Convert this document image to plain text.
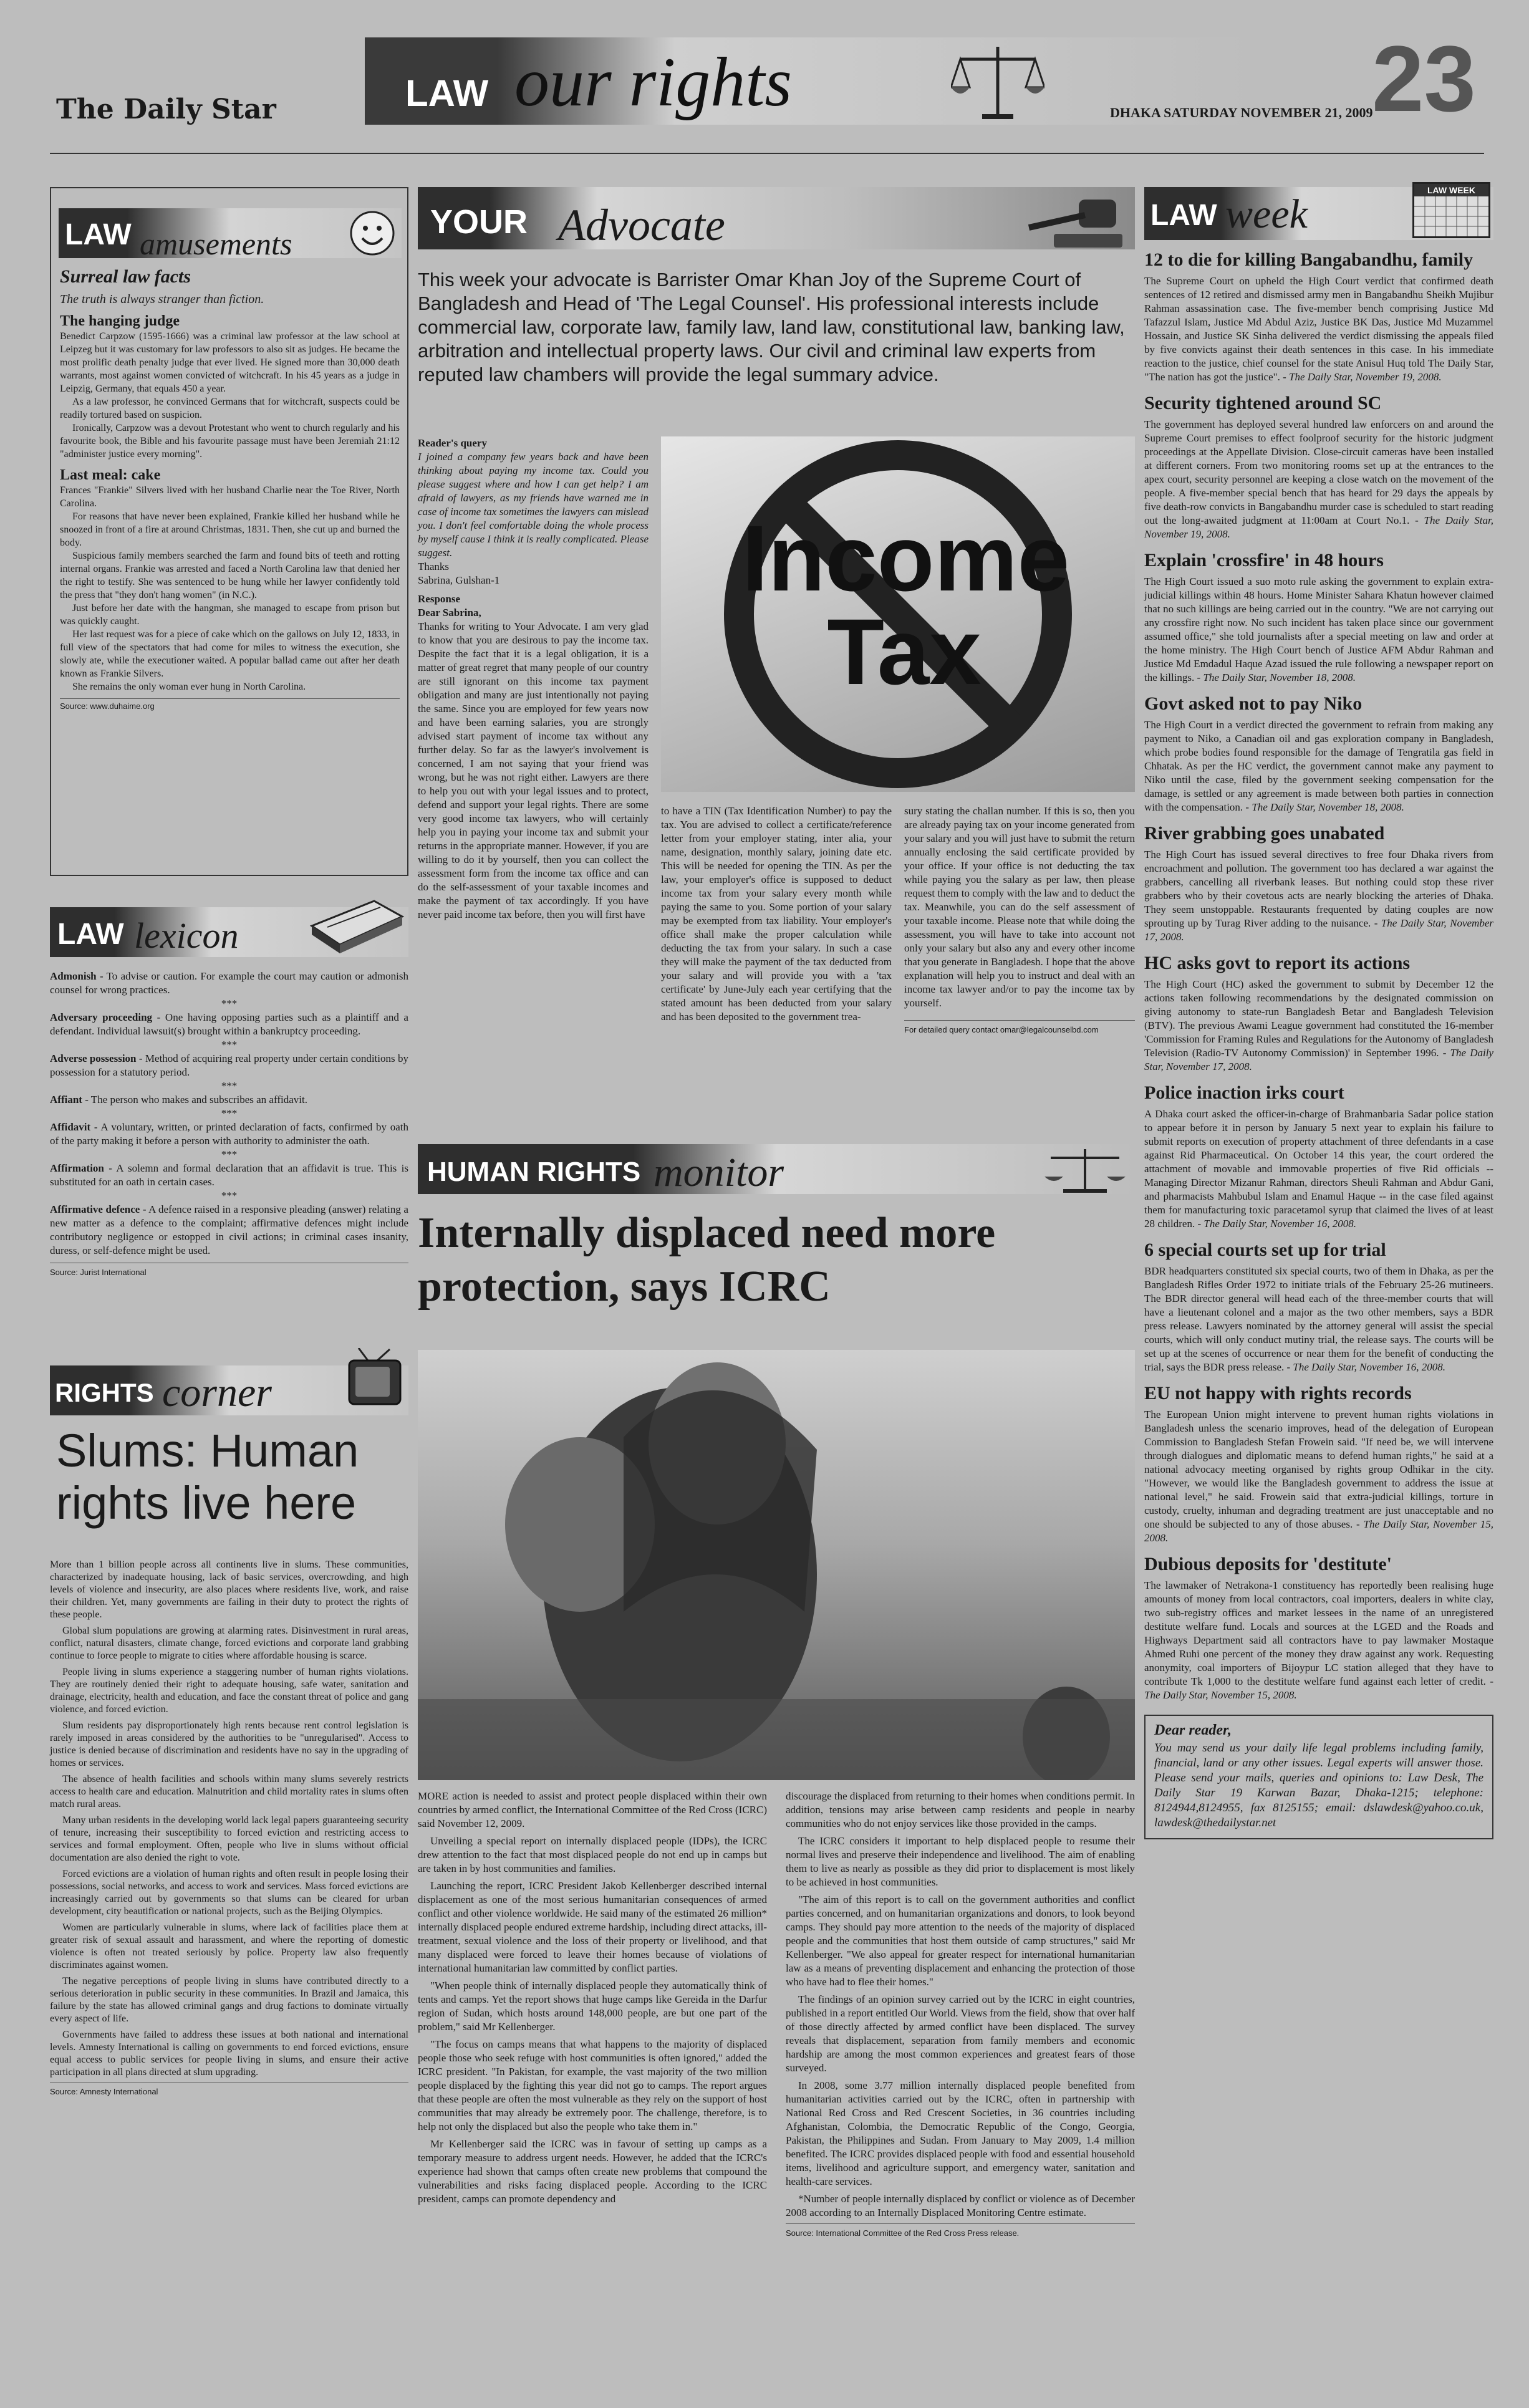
The Daily Star	LAW our rights	DHAKA SATURDAY NOVEMBER 21, 2009
23
LAW amusements
Surreal law facts
The truth is always stranger than fiction.
The hanging judge
Benedict Carpzow (1595-1666) was a criminal law professor at the law school at Leipzeg but it was customary for law professors to also sit as judges. He became the most prolific death penalty judge that ever lived. He signed more than 30,000 death warrants, most against women convicted of witchcraft. In his 45 years as a judge in Leipzig, Germany, that equals 450 a year.
As a law professor, he convinced Germans that for witchcraft, suspects could be readily tortured based on suspicion.
Ironically, Carpzow was a devout Protestant who went to church regularly and his favourite book, the Bible and his favourite passage must have been Jeremiah 21:12 "administer justice every morning".
Last meal: cake
Frances "Frankie" Silvers lived with her husband Charlie near the Toe River, North Carolina.
For reasons that have never been explained, Frankie killed her husband while he snoozed in front of a fire at around Christmas, 1831. Then, she cut up and burned the body.
Suspicious family members searched the farm and found bits of teeth and rotting internal organs. Frankie was arrested and faced a North Carolina law that denied her the right to testify. She was sentenced to be hung while her lawyer confidently told the press that "they don't hang women" (in N.C.).
Just before her date with the hangman, she managed to escape from prison but was quickly caught.
Her last request was for a piece of cake which on the gallows on July 12, 1833, in full view of the spectators that had come for miles to witness the execution, she slowly ate, while the executioner waited. A popular ballad came out after her death known as Frankie Silvers.
She remains the only woman ever hung in North Carolina.
Source: www.duhaime.org
LAW lexicon
Admonish - To advise or caution. For example the court may caution or admonish counsel for wrong practices.
***
Adversary proceeding - One having opposing parties such as a plaintiff and a defendant. Individual lawsuit(s) brought within a bankruptcy proceeding.
***
Adverse possession - Method of acquiring real property under certain conditions by possession for a statutory period.
***
Affiant - The person who makes and subscribes an affidavit.
***
Affidavit - A voluntary, written, or printed declaration of facts, confirmed by oath of the party making it before a person with authority to administer the oath.
***
Affirmation - A solemn and formal declaration that an affidavit is true. This is substituted for an oath in certain cases.
***
Affirmative defence - A defence raised in a responsive pleading (answer) relating a new matter as a defence to the complaint; affirmative defences might include contributory negligence or estopped in civil actions; in criminal cases insanity, duress, or self-defence might be used.
Source: Jurist International
RIGHTS corner
Slums: Human rights live here

More than 1 billion people across all continents live in slums. These communities, characterized by inadequate housing, lack of basic services, overcrowding, and high levels of violence and insecurity, are also places where residents live, work, and raise their children. Yet, many governments are failing in their duty to protect the rights of these people.

Global slum populations are growing at alarming rates. Disinvestment in rural areas, conflict, natural disasters, climate change, forced evictions and corporate land grabbing continue to force people to migrate to cities where affordable housing is scarce.

People living in slums experience a staggering number of human rights violations. They are routinely denied their right to adequate housing, safe water, sanitation and drainage, electricity, health and education, and face the constant threat of police and gang violence, and forced eviction.

Slum residents pay disproportionately high rents because rent control legislation is rarely imposed in areas considered by the authorities to be "unregularised". Access to justice is denied because of discrimination and residents have no say in the upgrading of homes or services.

The absence of health facilities and schools within many slums severely restricts access to health care and education. Malnutrition and child mortality rates in slums often match rural areas.

Many urban residents in the developing world lack legal papers guaranteeing security of tenure, increasing their susceptibility to forced eviction and restricting access to services and formal employment. Often, people who live in slums without official documentation are also denied the right to vote.

Forced evictions are a violation of human rights and often result in people losing their possessions, social networks, and access to work and services. Mass forced evictions are increasingly carried out by governments so that slums can be cleared for urban development, city beautification or national projects, such as the Beijing Olympics.

Women are particularly vulnerable in slums, where lack of facilities place them at greater risk of sexual assault and harassment, and where the reporting of domestic violence is often not treated seriously by police. Property law also frequently discriminates against women.

The negative perceptions of people living in slums have contributed directly to a serious deterioration in public security in these communities. In Brazil and Jamaica, this failure by the state has allowed criminal gangs and drug factions to dominate virtually every aspect of life.

Governments have failed to address these issues at both national and international levels. Amnesty International is calling on governments to end forced evictions, ensure equal access to public services for people living in slums, and ensure their active participation in all plans directed at slum upgrading.

Source: Amnesty International
YOUR Advocate
This week your advocate is Barrister Omar Khan Joy of the Supreme Court of Bangladesh and Head of 'The Legal Counsel'. His professional interests include commercial law, corporate law, family law, land law, constitutional law, banking law, arbitration and intellectual property laws. Our civil and criminal law experts from reputed law chambers will provide the legal summary advice.
Reader's query
I joined a company few years back and have been thinking about paying my income tax. Could you please suggest where and how I can get help? I am afraid of lawyers, as my friends have warned me in case of income tax sometimes the lawyers can mislead you. I don't feel comfortable doing the whole process by myself cause I think it is really complicated. Please suggest.
Thanks
Sabrina, Gulshan-1
Response
Dear Sabrina,
Thanks for writing to Your Advocate. I am very glad to know that you are desirous to pay the income tax. Despite the fact that it is a legal obligation, it is a matter of great regret that many people of our country are still ignorant on this income tax payment obligation and many are just intentionally not paying the same. Since you are employed for few years now and have been earning salaries, you are strongly advised start payment of income tax without any further delay. So far as the lawyer's involvement is concerned, I am not saying that your friend was wrong, but he was not right either. Lawyers are there to help you out with your legal issues and to protect, defend and support your legal rights. There are some very good income tax lawyers, who will certainly help you in paying your income tax and submit your returns in the appropriate manner. However, if you are willing to do it by yourself, then you can collect the assessment form from the income tax office and can do the self-assessment of your taxable incomes and make the payment of tax accordingly. If you have never paid income tax before, then you will first have
Income Tax
to have a TIN (Tax Identification Number) to pay the tax. You are advised to collect a certificate/reference letter from your employer stating, inter alia, your name, designation, monthly salary, joining date etc. This will be needed for opening the TIN. As per the law, your employer's office is supposed to deduct income tax from your salary every month while paying the same to you. Some portion of your salary may be exempted from tax liability. Your employer's office shall make the proper calculation while deducting the tax from your salary. In such a case they will make the payment of the tax deducted from your salary and will provide you with a 'tax certificate' by June-July each year certifying that the stated amount has been deducted from your salary and has been deposited to the government trea-
sury stating the challan number. If this is so, then you are already paying tax on your income generated from your salary and you will just have to submit the return annually enclosing the said certificate provided by your office. If your office is not deducting the tax while paying you the salary as per law, then please request them to comply with the law and to deduct the tax. Meanwhile, you can do the self assessment of your taxable income. Please note that while doing the assessment, you will have to take into account not only your salary but also any and every other income that you generate in Bangladesh. I hope that the above explanation will help you to instruct and deal with an income tax lawyer and/or to pay the income tax by yourself.
For detailed query contact omar@legalcounselbd.com
HUMAN RIGHTS monitor
Internally displaced need more protection, says ICRC

MORE action is needed to assist and protect people displaced within their own countries by armed conflict, the International Committee of the Red Cross (ICRC) said November 12, 2009.

Unveiling a special report on internally displaced people (IDPs), the ICRC drew attention to the fact that most displaced people do not end up in camps but are taken in by host communities and families.

Launching the report, ICRC President Jakob Kellenberger described internal displacement as one of the most serious humanitarian consequences of armed conflict and other violence worldwide. He said many of the estimated 26 million* internally displaced people endured extreme hardship, including direct attacks, ill-treatment, sexual violence and the loss of their property or livelihood, and that many displaced were forced to leave their homes because of violations of international humanitarian law committed by conflict parties.

"When people think of internally displaced people they automatically think of tents and camps. Yet the report shows that huge camps like Gereida in the Darfur region of Sudan, which hosts around 148,000 people, are but one part of the problem," said Mr Kellenberger.

"The focus on camps means that what happens to the majority of displaced people those who seek refuge with host communities is often ignored," added the ICRC president. "In Pakistan, for example, the vast majority of the two million people displaced by the fighting this year did not go to camps. The report argues that these people are often the most vulnerable as they rely on the support of host communities that may already be extremely poor. The challenge, therefore, is to help not only the displaced but also the people who take them in."

Mr Kellenberger said the ICRC was in favour of setting up camps as a temporary measure to address urgent needs. However, he added that the ICRC's experience had shown that camps often create new problems that compound the vulnerabilities and risks facing displaced people. According to the ICRC president, camps can promote dependency and

discourage the displaced from returning to their homes when conditions permit. In addition, tensions may arise between camp residents and people in nearby communities who do not enjoy services like those provided in the camps.

The ICRC considers it important to help displaced people to resume their normal lives and preserve their independence and livelihood. The aim of enabling them to live as nearly as possible as they did prior to displacement is most likely to be achieved in host communities.

"The aim of this report is to call on the government authorities and conflict parties concerned, and on humanitarian organizations and donors, to look beyond camps. They should pay more attention to the needs of the majority of displaced people and the communities that host them outside of camp structures," said Mr Kellenberger. "We also appeal for greater respect for international humanitarian law as a means of preventing displacement and enhancing the protection of those who have had to flee their homes."

The findings of an opinion survey carried out by the ICRC in eight countries, published in a report entitled Our World. Views from the field, show that over half of those directly affected by armed conflict have been displaced. The survey reveals that displacement, separation from family members and economic hardship are among the most common experiences and greatest fears of those surveyed.

In 2008, some 3.77 million internally displaced people benefited from humanitarian activities carried out by the ICRC, often in partnership with National Red Cross and Red Crescent Societies, in 36 countries including Afghanistan, Colombia, the Democratic Republic of the Congo, Georgia, Pakistan, the Philippines and Sudan. From January to May 2009, 1.4 million benefited. The ICRC provides displaced people with food and essential household items, livelihood and agriculture support, and emergency water, sanitation and health-care services.

*Number of people internally displaced by conflict or violence as of December 2008 according to an Internally Displaced Monitoring Centre estimate.

Source: International Committee of the Red Cross Press release.
LAW week
LAW WEEK
12 to die for killing Bangabandhu, family
The Supreme Court on upheld the High Court verdict that confirmed death sentences of 12 retired and dismissed army men in Bangabandhu Sheikh Mujibur Rahman assassination case. The five-member bench comprising Justice Md Tafazzul Islam, Justice Md Abdul Aziz, Justice BK Das, Justice Md Muzammel Hossain, and Justice SK Sinha delivered the verdict dismissing the appeals filed by five convicts against their death sentences in this case. In his immediate reaction to the justice, chief counsel for the state Anisul Huq told The Daily Star, "The nation has got the justice". - The Daily Star, November 19, 2008.
Security tightened around SC
The government has deployed several hundred law enforcers on and around the Supreme Court premises to effect foolproof security for the historic judgment proceedings at the Appellate Division. Close-circuit cameras have been installed at different corners. From two monitoring rooms set up at the entrances to the apex court, security personnel are keeping a close watch on the movement of the people. A five-member special bench that has heard for 29 days the appeals by five death-row convicts in Bangabandhu murder case is scheduled to start reading out the long-awaited judgment at 11:00am at Court No.1. - The Daily Star, November 19, 2008.
Explain 'crossfire' in 48 hours
The High Court issued a suo moto rule asking the government to explain extra-judicial killings within 48 hours. Home Minister Sahara Khatun however claimed that no such killings are being carried out in the country. "We are not carrying out any crossfire right now. No such incident has taken place since our government assumed office," she told journalists after a special meeting on law and order at the home ministry. The High Court bench of Justice AFM Abdur Rahman and Justice Md Emdadul Haque Azad issued the rule following a newspaper report on the killings. - The Daily Star, November 18, 2008.
Govt asked not to pay Niko
The High Court in a verdict directed the government to refrain from making any payment to Niko, a Canadian oil and gas exploration company in Bangladesh, which probe bodies found responsible for the damage of Tengratila gas field in Chhatak. As per the HC verdict, the government cannot make any payment to Niko until the case, filed by the government seeking compensation for the damage, is settled or any agreement is made between both parties in connection with the compensation. - The Daily Star, November 18, 2008.
River grabbing goes unabated
The High Court has issued several directives to free four Dhaka rivers from encroachment and pollution. The government too has declared a war against the grabbers, cancelling all riverbank leases. But nothing could stop these river grabbers who by their covetous acts are nearly blocking the arteries of Dhaka. They seem unstoppable. Restaurants frequented by dating couples are now sprouting up by Turag River adding to the nuisance. - The Daily Star, November 17, 2008.
HC asks govt to report its actions
The High Court (HC) asked the government to submit by December 12 the actions taken following recommendations by the designated commission on giving autonomy to state-run Bangladesh Betar and Bangladesh Television (BTV). The previous Awami League government had constituted the 16-member 'Commission for Framing Rules and Regulations for the Autonomy of Bangladesh Television (Radio-TV Autonomy Commission)' in September 1996. - The Daily Star, November 17, 2008.
Police inaction irks court
A Dhaka court asked the officer-in-charge of Brahmanbaria Sadar police station to appear before it in person by January 5 next year to explain his failure to submit reports on execution of property attachment of three defendants in a case against Rid Pharmaceutical. On October 14 this year, the court ordered the attachment of movable and immovable properties of five Rid officials -- Managing Director Mizanur Rahman, directors Sheuli Rahman and Abdur Gani, and pharmacists Mahbubul Islam and Enamul Haque -- in the case filed against them for manufacturing toxic paracetamol syrup that claimed the lives of at least 28 children. - The Daily Star, November 16, 2008.
6 special courts set up for trial
BDR headquarters constituted six special courts, two of them in Dhaka, as per the Bangladesh Rifles Order 1972 to initiate trials of the February 25-26 mutineers. The BDR director general will head each of the three-member courts that will have a lieutenant colonel and a major as the two other members, says a BDR press release. Lawyers nominated by the attorney general will assist the special courts, which will only conduct mutiny trial, the release says. The courts will be set up at the scenes of occurrence or near them for the benefit of conducting the trial, says the BDR press release. - The Daily Star, November 16, 2008.
EU not happy with rights records
The European Union might intervene to prevent human rights violations in Bangladesh unless the scenario improves, head of the delegation of European Commission to Bangladesh Stefan Frowein said. "If need be, we will intervene through dialogues and diplomatic means to defend human rights," he said at a national advocacy meeting organised by rights group Odhikar in the city. "However, we would like the Bangladesh government to address the issue at national level," he said. Frowein said that extra-judicial killings, torture in custody, cruelty, inhuman and degrading treatment are just unacceptable and no one should be subjected to any of those abuses. - The Daily Star, November 15, 2008.
Dubious deposits for 'destitute'
The lawmaker of Netrakona-1 constituency has reportedly been realising huge amounts of money from local contractors, coal importers, dealers in white clay, two sub-registry offices and market lessees in the name of an unregistered destitute welfare fund. Locals and sources at the LGED and the Roads and Highways Department said all contractors have to pay lawmaker Mostaque Ahmed Ruhi one percent of the money they draw against any work. Requesting anonymity, coal importers of Bijoypur LC station alleged that they have to contribute Tk 1,000 to the destitute welfare fund against each letter of credit. - The Daily Star, November 15, 2008.
Dear reader,
You may send us your daily life legal problems including family, financial, land or any other issues. Legal experts will answer those. Please send your mails, queries and opinions to: Law Desk, The Daily Star 19 Karwan Bazar, Dhaka-1215; telephone: 8124944,8124955, fax 8125155; email: dslawdesk@yahoo.co.uk, lawdesk@thedailystar.net
